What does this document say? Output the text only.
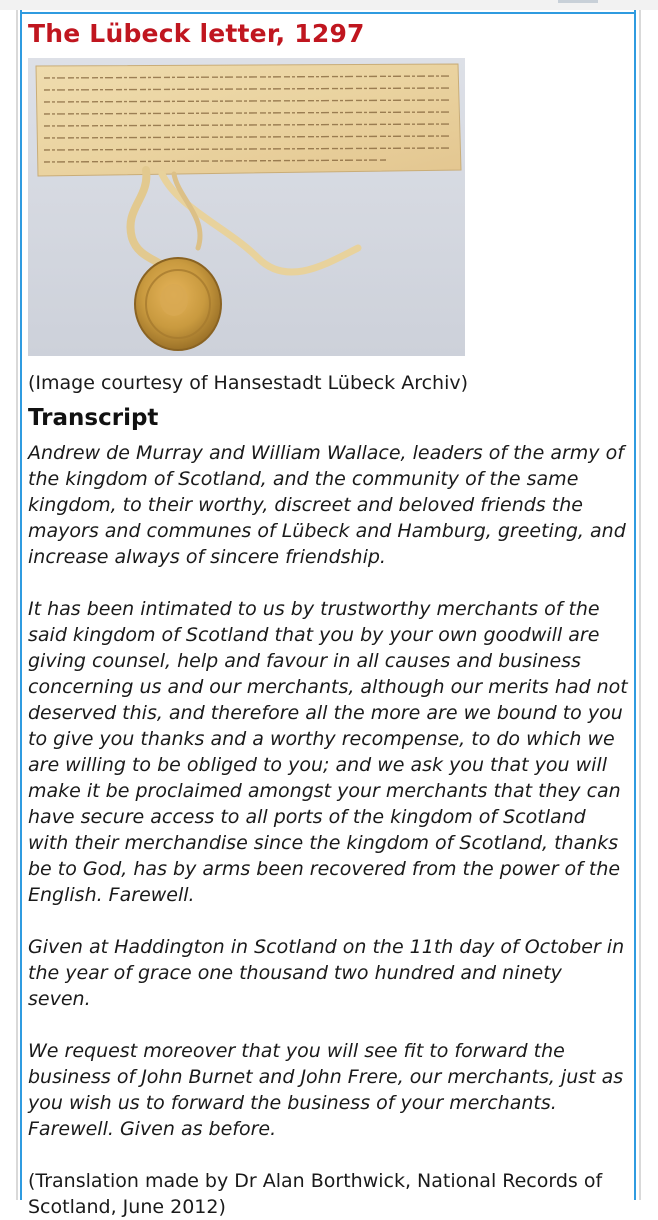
The Lübeck letter, 1297
(Image courtesy of Hansestadt Lübeck Archiv)
Transcript

Andrew de Murray and William Wallace, leaders of the army of the kingdom of Scotland, and the community of the same kingdom, to their worthy, discreet and beloved friends the mayors and communes of Lübeck and Hamburg, greeting, and increase always of sincere friendship.

It has been intimated to us by trustworthy merchants of the said kingdom of Scotland that you by your own goodwill are giving counsel, help and favour in all causes and business concerning us and our merchants, although our merits had not deserved this, and therefore all the more are we bound to you to give you thanks and a worthy recompense, to do which we are willing to be obliged to you; and we ask you that you will make it be proclaimed amongst your merchants that they can have secure access to all ports of the kingdom of Scotland with their merchandise since the kingdom of Scotland, thanks be to God, has by arms been recovered from the power of the English. Farewell.

Given at Haddington in Scotland on the 11th day of October in the year of grace one thousand two hundred and ninety seven.

We request moreover that you will see fit to forward the business of John Burnet and John Frere, our merchants, just as you wish us to forward the business of your merchants. Farewell. Given as before.

(Translation made by Dr Alan Borthwick, National Records of Scotland, June 2012)
